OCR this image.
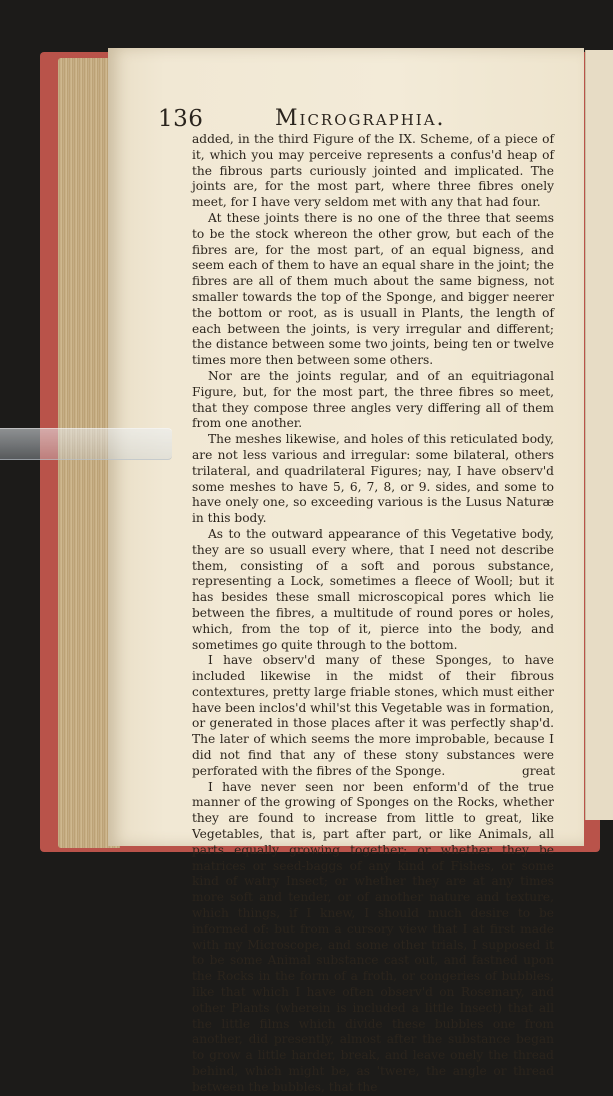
136	Micrographia.

added, in the third Figure of the IX. Scheme, of a piece of it, which you may perceive represents a confus'd heap of the fibrous parts curiously jointed and implicated. The joints are, for the most part, where three fibres onely meet, for I have very seldom met with any that had four.

At these joints there is no one of the three that seems to be the stock whereon the other grow, but each of the fibres are, for the most part, of an equal bigness, and seem each of them to have an equal share in the joint; the fibres are all of them much about the same bigness, not smaller towards the top of the Sponge, and bigger neerer the bottom or root, as is usuall in Plants, the length of each between the joints, is very irregular and different; the distance between some two joints, being ten or twelve times more then between some others.

Nor are the joints regular, and of an equitriagonal Figure, but, for the most part, the three fibres so meet, that they compose three angles very differing all of them from one another.

The meshes likewise, and holes of this reticulated body, are not less various and irregular: some bilateral, others trilateral, and quadrilateral Figures; nay, I have observ'd some meshes to have 5, 6, 7, 8, or 9. sides, and some to have onely one, so exceeding various is the Lusus Naturæ in this body.

As to the outward appearance of this Vegetative body, they are so usuall every where, that I need not describe them, consisting of a soft and porous substance, representing a Lock, sometimes a fleece of Wooll; but it has besides these small microscopical pores which lie between the fibres, a multitude of round pores or holes, which, from the top of it, pierce into the body, and sometimes go quite through to the bottom.

I have observ'd many of these Sponges, to have included likewise in the midst of their fibrous contextures, pretty large friable stones, which must either have been inclos'd whil'st this Vegetable was in formation, or generated in those places after it was perfectly shap'd. The later of which seems the more improbable, because I did not find that any of these stony substances were perforated with the fibres of the Sponge.

I have never seen nor been enform'd of the true manner of the growing of Sponges on the Rocks, whether they are found to increase from little to great, like Vegetables, that is, part after part, or like Animals, all parts equally growing together; or whether they be matrices or seed-baggs of any kind of Fishes, or some kind of watry Insect; or whether they are at any times more soft and tender, or of another nature and texture, which things, if I knew, I should much desire to be informed of: but from a cursory view that I at first made with my Microscope, and some other trials, I supposed it to be some Animal substance cast out, and fastned upon the Rocks in the form of a froth, or congeries of bubbles, like that which I have often observ'd on Rosemary, and other Plants (wherein is included a little Insect) that all the little films which divide these bubbles one from another, did presently, almost after the substance began to grow a little harder, break, and leave onely the thread behind, which might be, as 'twere, the angle or thread between the bubbles, that the

great
